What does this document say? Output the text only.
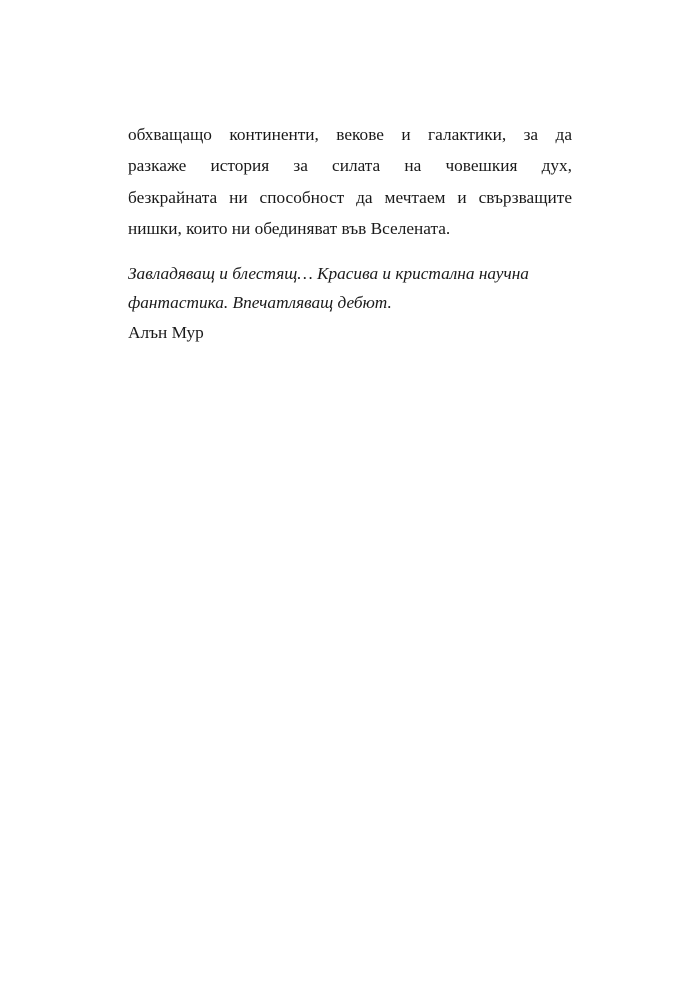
обхващащо континенти, векове и галактики, за да
разкаже история за силата на човешкия дух,
безкрайната ни способност да мечтаем и свързващите
нишки, които ни обединяват във Вселената.

Завладяващ и блестящ… Красива и кристална научна
фантастика. Впечатляващ дебют.

Алън Мур
